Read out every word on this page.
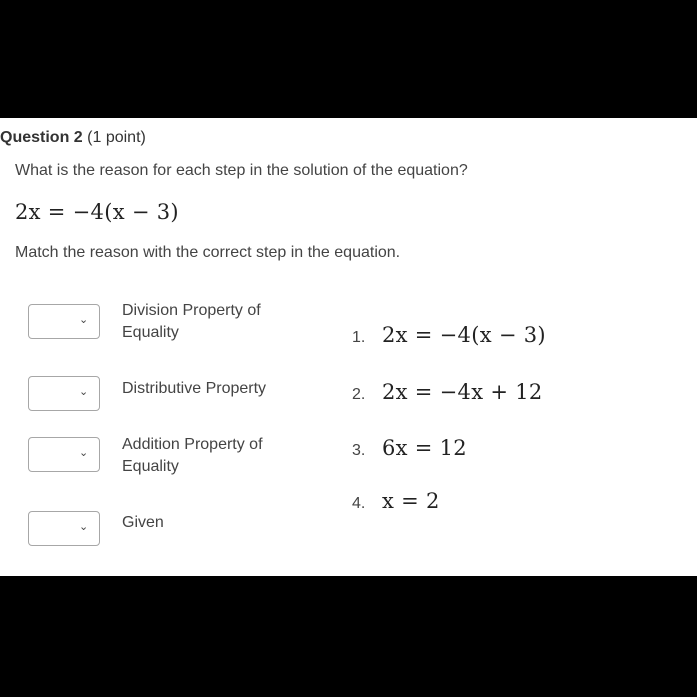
Question 2 (1 point)
What is the reason for each step in the solution of the equation?
2x = −4(x − 3)
Match the reason with the correct step in the equation.
⌄
Division Property of Equality	1. 2x = −4(x − 3)
⌄ Distributive Property	2. 2x = −4x + 12
⌄ Addition Property of Equality
3. 6x = 12
4. x = 2
⌄ Given
